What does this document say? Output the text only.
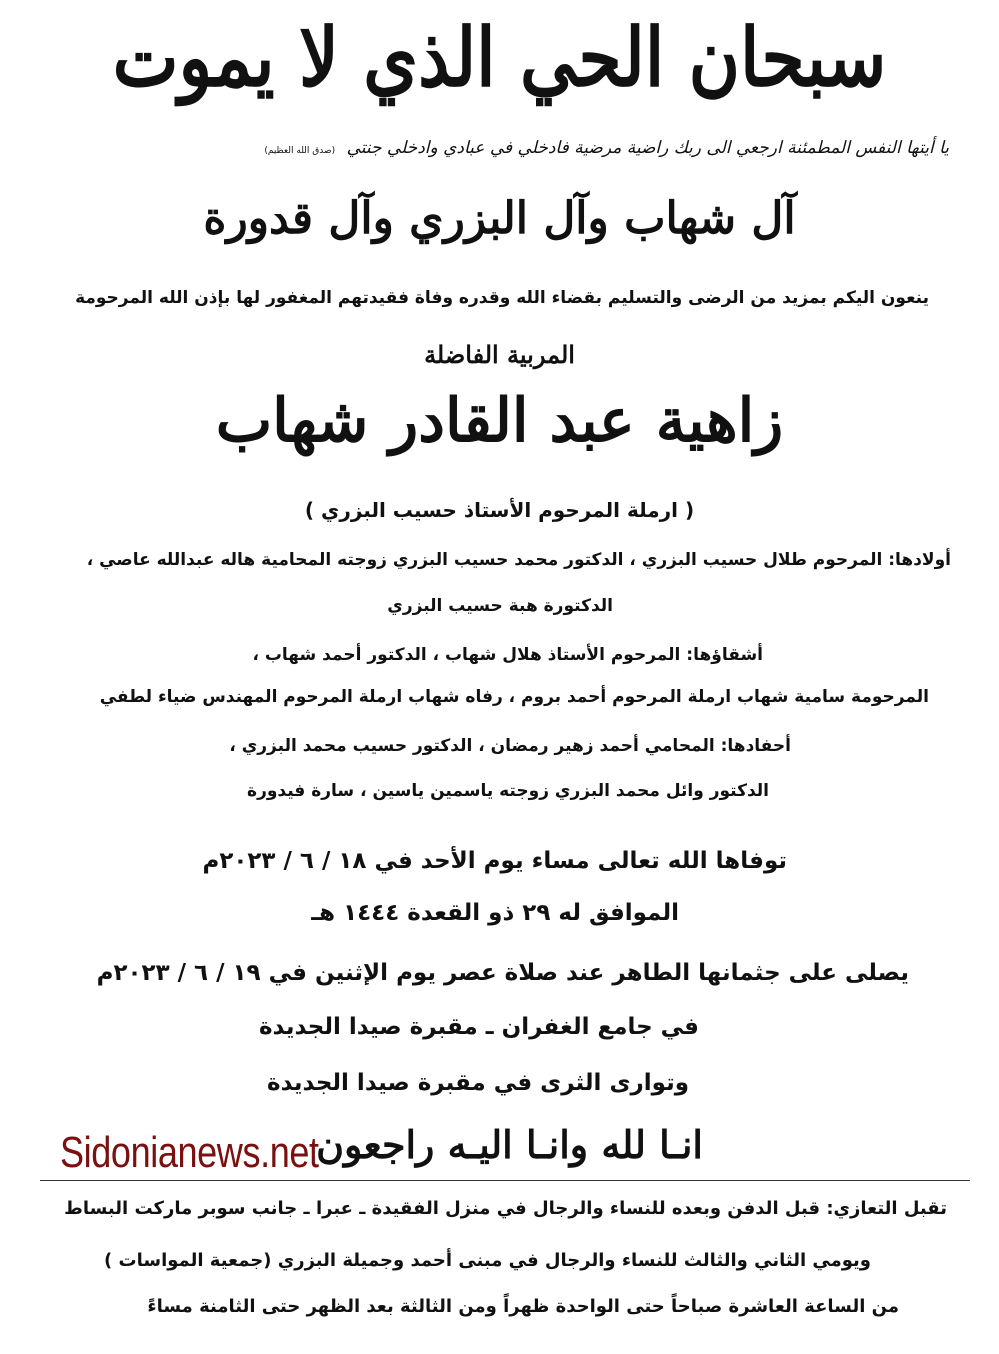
سبحان الحي الذي لا يموت
يا أيتها النفس المطمئنة ارجعي الى ربك راضية مرضية فادخلي في عبادي وادخلي جنتي (صدق الله العظيم)
آل شهاب وآل البزري وآل قدورة
ينعون اليكم بمزيد من الرضى والتسليم بقضاء الله وقدره وفاة فقيدتهم المغفور لها بإذن الله المرحومة
المربية الفاضلة
زاهية عبد القادر شهاب
( ارملة المرحوم الأستاذ حسيب البزري )
أولادها: المرحوم طلال حسيب البزري ، الدكتور محمد حسيب البزري زوجته المحامية هاله عبدالله عاصي ،
الدكتورة هبة حسيب البزري
أشقاؤها: المرحوم الأستاذ هلال شهاب ، الدكتور أحمد شهاب ،
المرحومة سامية شهاب ارملة المرحوم أحمد بروم ، رفاه شهاب ارملة المرحوم المهندس ضياء لطفي
أحفادها: المحامي أحمد زهير رمضان ، الدكتور حسيب محمد البزري ،
الدكتور وائل محمد البزري زوجته ياسمين ياسين ، سارة فيدورة
توفاها الله تعالى مساء يوم الأحد في ١٨ / ٦ / ٢٠٢٣م
الموافق له ٢٩ ذو القعدة ١٤٤٤ هـ
يصلى على جثمانها الطاهر عند صلاة عصر يوم الإثنين في ١٩ / ٦ / ٢٠٢٣م
في جامع الغفران ـ مقبرة صيدا الجديدة
وتوارى الثرى في مقبرة صيدا الجديدة
انـا لله وانـا اليـه راجعون
Sidonianews.net
تقبل التعازي: قبل الدفن وبعده للنساء والرجال في منزل الفقيدة ـ عبرا ـ جانب سوبر ماركت البساط
ويومي الثاني والثالث للنساء والرجال في مبنى أحمد وجميلة البزري (جمعية المواسات )
من الساعة العاشرة صباحاً حتى الواحدة ظهراً ومن الثالثة بعد الظهر حتى الثامنة مساءً
